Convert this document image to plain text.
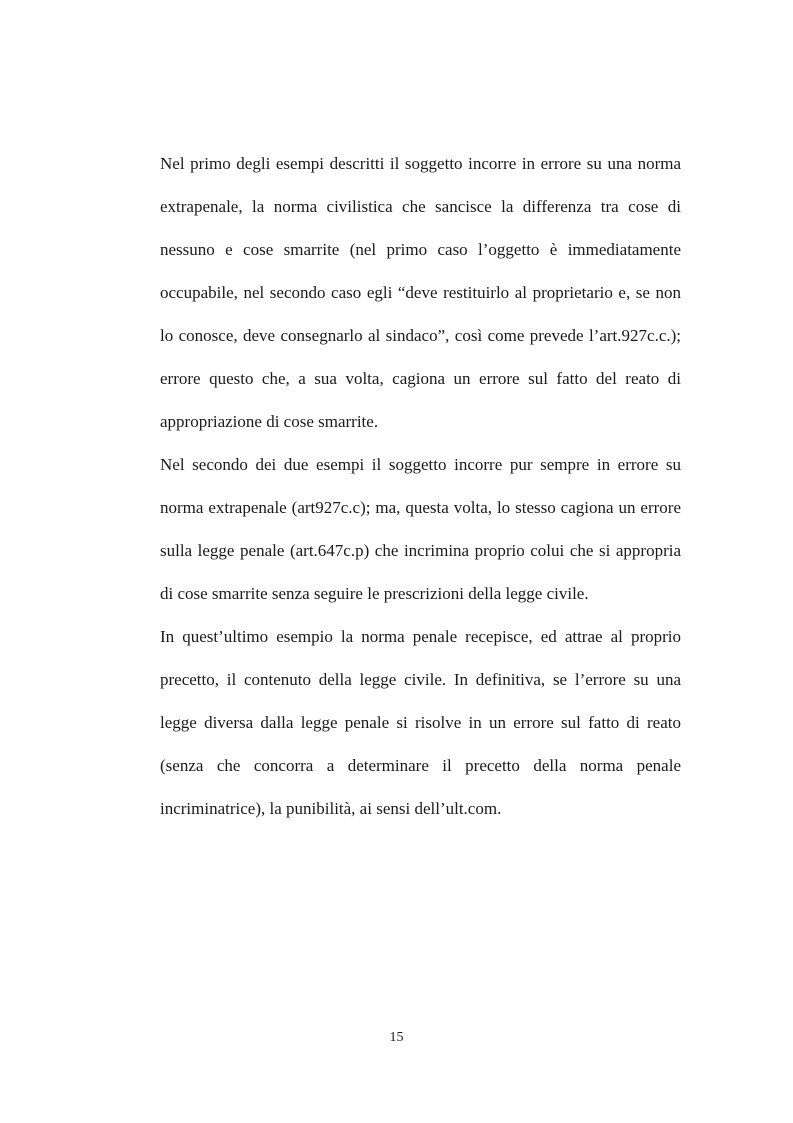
Nel primo degli esempi descritti il soggetto incorre in errore su una norma extrapenale, la norma civilistica che sancisce la differenza tra cose di nessuno e cose smarrite (nel primo caso l’oggetto è immediatamente occupabile, nel secondo caso egli “deve restituirlo al proprietario e, se non lo conosce, deve consegnarlo al sindaco”, così come prevede l’art.927c.c.); errore questo che, a sua volta, cagiona un errore sul fatto del reato di appropriazione di cose smarrite.

Nel secondo dei due esempi il soggetto incorre pur sempre in errore su norma extrapenale (art927c.c); ma, questa volta, lo stesso cagiona un errore sulla legge penale (art.647c.p) che incrimina proprio colui che si appropria di cose smarrite senza seguire le prescrizioni della legge civile.

In quest’ultimo esempio la norma penale recepisce, ed attrae al proprio precetto, il contenuto della legge civile. In definitiva, se l’errore su una legge diversa dalla legge penale si risolve in un errore sul fatto di reato (senza che concorra a determinare il precetto della norma penale incriminatrice), la punibilità, ai sensi dell’ult.com.

15
